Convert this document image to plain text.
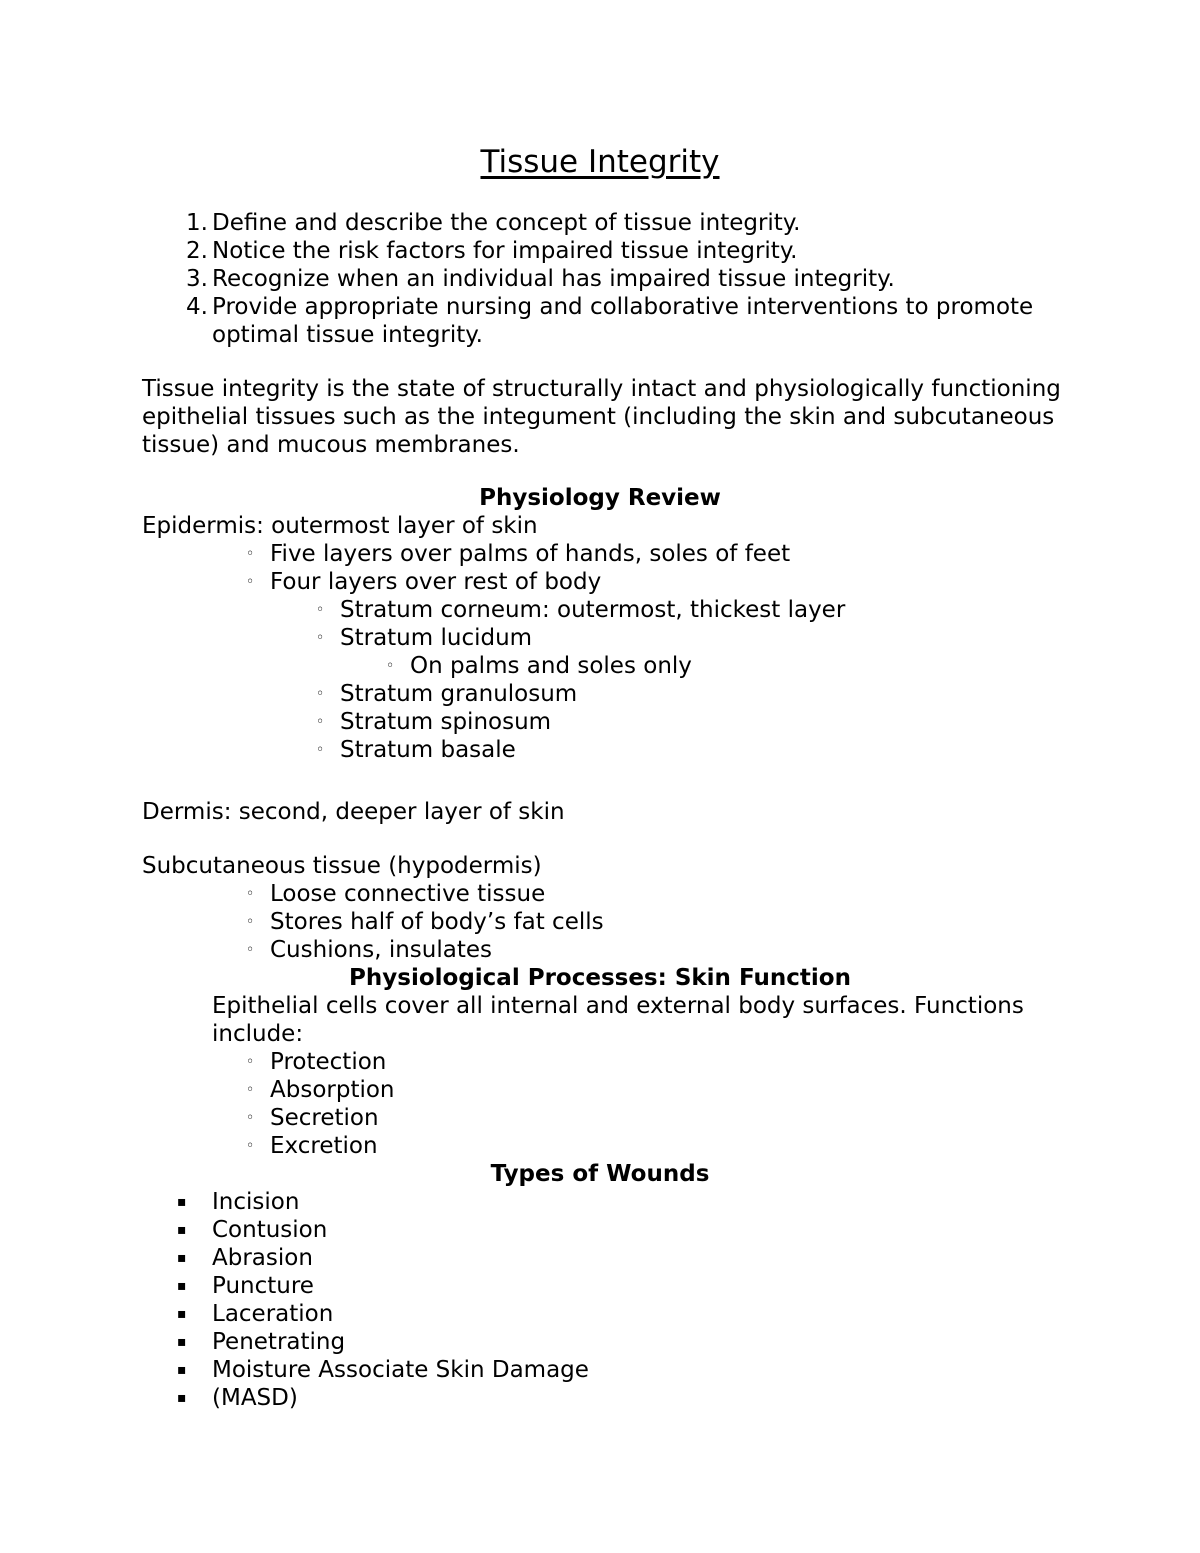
Tissue Integrity
1. Define and describe the concept of tissue integrity.
2. Notice the risk factors for impaired tissue integrity.
3. Recognize when an individual has impaired tissue integrity.
4. Provide appropriate nursing and collaborative interventions to promote optimal tissue integrity.
Tissue integrity is the state of structurally intact and physiologically functioning epithelial tissues such as the integument (including the skin and subcutaneous tissue) and mucous membranes.
Physiology Review
Epidermis: outermost layer of skin
◦ Five layers over palms of hands, soles of feet
◦ Four layers over rest of body
◦ Stratum corneum: outermost, thickest layer
◦ Stratum lucidum
◦ On palms and soles only
◦ Stratum granulosum
◦ Stratum spinosum
◦ Stratum basale
Dermis: second, deeper layer of skin
Subcutaneous tissue (hypodermis)
◦ Loose connective tissue
◦ Stores half of body’s fat cells
◦ Cushions, insulates
Physiological Processes: Skin Function
Epithelial cells cover all internal and external body surfaces. Functions include:
◦ Protection
◦ Absorption
◦ Secretion
◦ Excretion
Types of Wounds
▪	Incision
▪	Contusion
▪	Abrasion
▪	Puncture
▪	Laceration
▪	Penetrating
▪	Moisture Associate Skin Damage
▪	(MASD)
